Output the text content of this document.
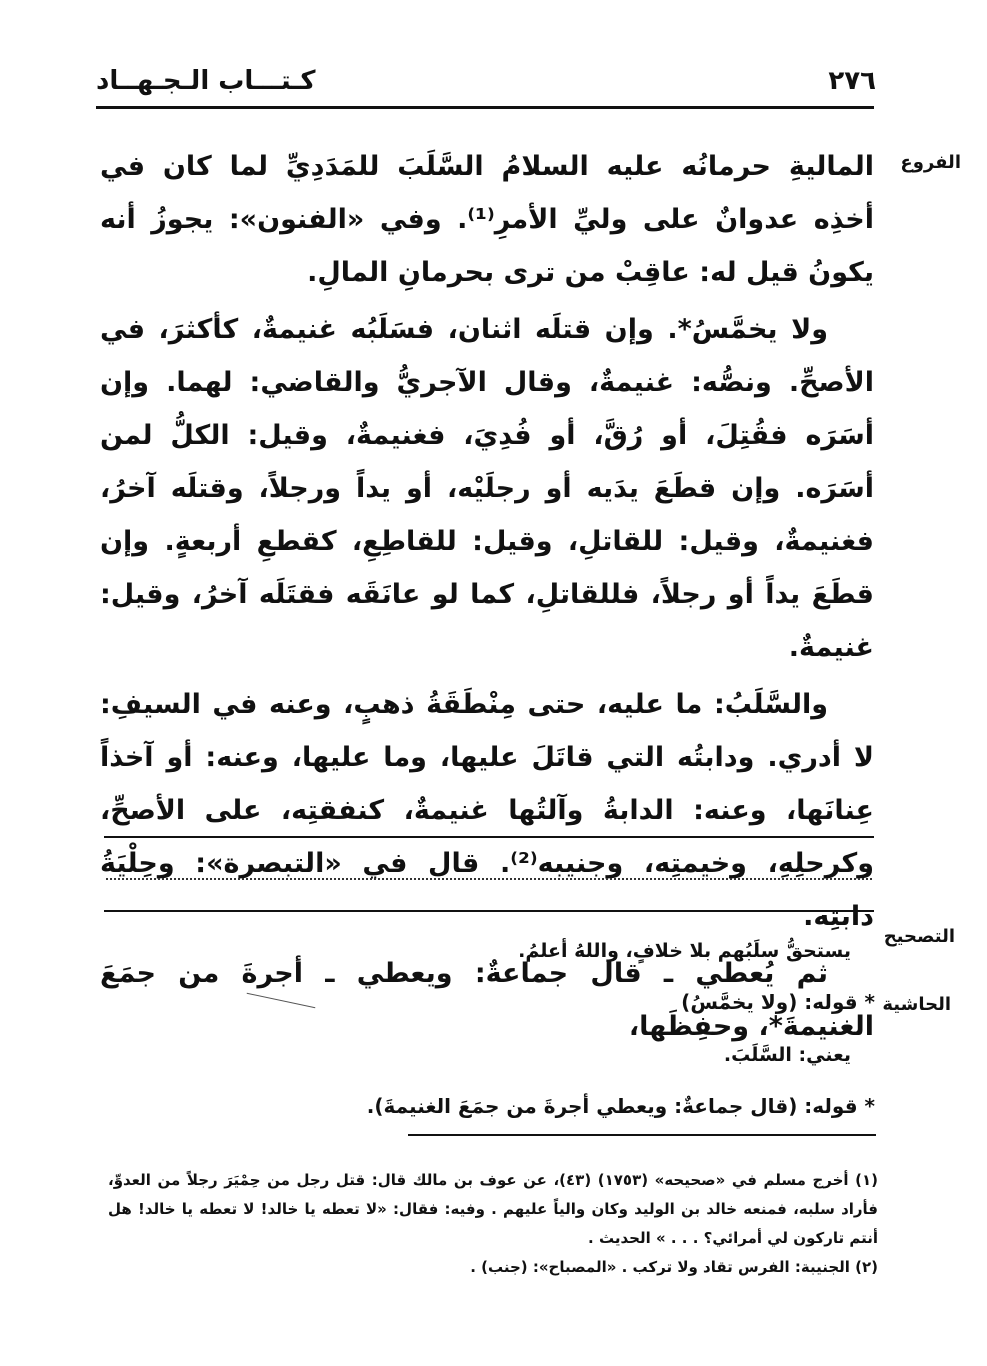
٢٧٦
كـتـــاب الـجـهــاد
الفروع

الماليةِ حرمانُه عليه السلامُ السَّلَبَ للمَدَدِيِّ لما كان في أخذِه عدوانٌ على وليِّ الأمرِ⁽¹⁾. وفي «الفنون»: يجوزُ أنه يكونُ قيل له: عاقِبْ من ترى بحرمانِ المالِ.

ولا يخمَّسُ*. وإن قتلَه اثنان، فسَلَبُه غنيمةٌ، كأكثرَ، في الأصحِّ. ونصُّه: غنيمةٌ، وقال الآجريُّ والقاضي: لهما. وإن أسَرَه فقُتِلَ، أو رُقَّ، أو فُدِيَ، فغنيمةٌ، وقيل: الكلُّ لمن أسَرَه. وإن قطَعَ يدَيه أو رجلَيْه، أو يداً ورجلاً، وقتلَه آخرُ، فغنيمةٌ، وقيل: للقاتلِ، وقيل: للقاطِعِ، كقطعِ أربعةٍ. وإن قطَعَ يداً أو رجلاً، فللقاتلِ، كما لو عانَقَه فقتَلَه آخرُ، وقيل: غنيمةٌ.

والسَّلَبُ: ما عليه، حتى مِنْطَقَةُ ذهبٍ، وعنه في السيفِ: لا أدري. ودابتُه التي قاتَلَ عليها، وما عليها، وعنه: أو آخذاً عِنانَها، وعنه: الدابةُ وآلتُها غنيمةٌ، كنفقتِه، على الأصحِّ، وكرحلِهِ، وخيمتِه، وجنيبه⁽²⁾. قال في «التبصرة»: وحِلْيَةُ دابتِه.

ثم يُعطي ـ قال جماعةٌ: ويعطي ـ أجرةَ من جمَعَ الغنيمةَ*، وحفِظَها،

التصحيح
يستحقُّ سلَبُهم بلا خلافٍ، واللهُ أعلمُ.
الحاشية
* قوله: (ولا يخمَّسُ)
يعني: السَّلَبَ.
* قوله: (قال جماعةٌ: ويعطي أجرةَ من جمَعَ الغنيمةَ).

(١) أخرج مسلم في «صحيحه» (١٧٥٣) (٤٣)، عن عوف بن مالك قال: قتل رجل من حِمْيَرَ رجلاً من العدوِّ، فأراد سلبه، فمنعه خالد بن الوليد وكان والياً عليهم . وفيه: فقال: «لا تعطه يا خالد! لا تعطه يا خالد! هل أنتم تاركون لي أمرائي؟ . . . » الحديث .

(٢) الجنيبة: الفرس تقاد ولا تركب . «المصباح»: (جنب) .
